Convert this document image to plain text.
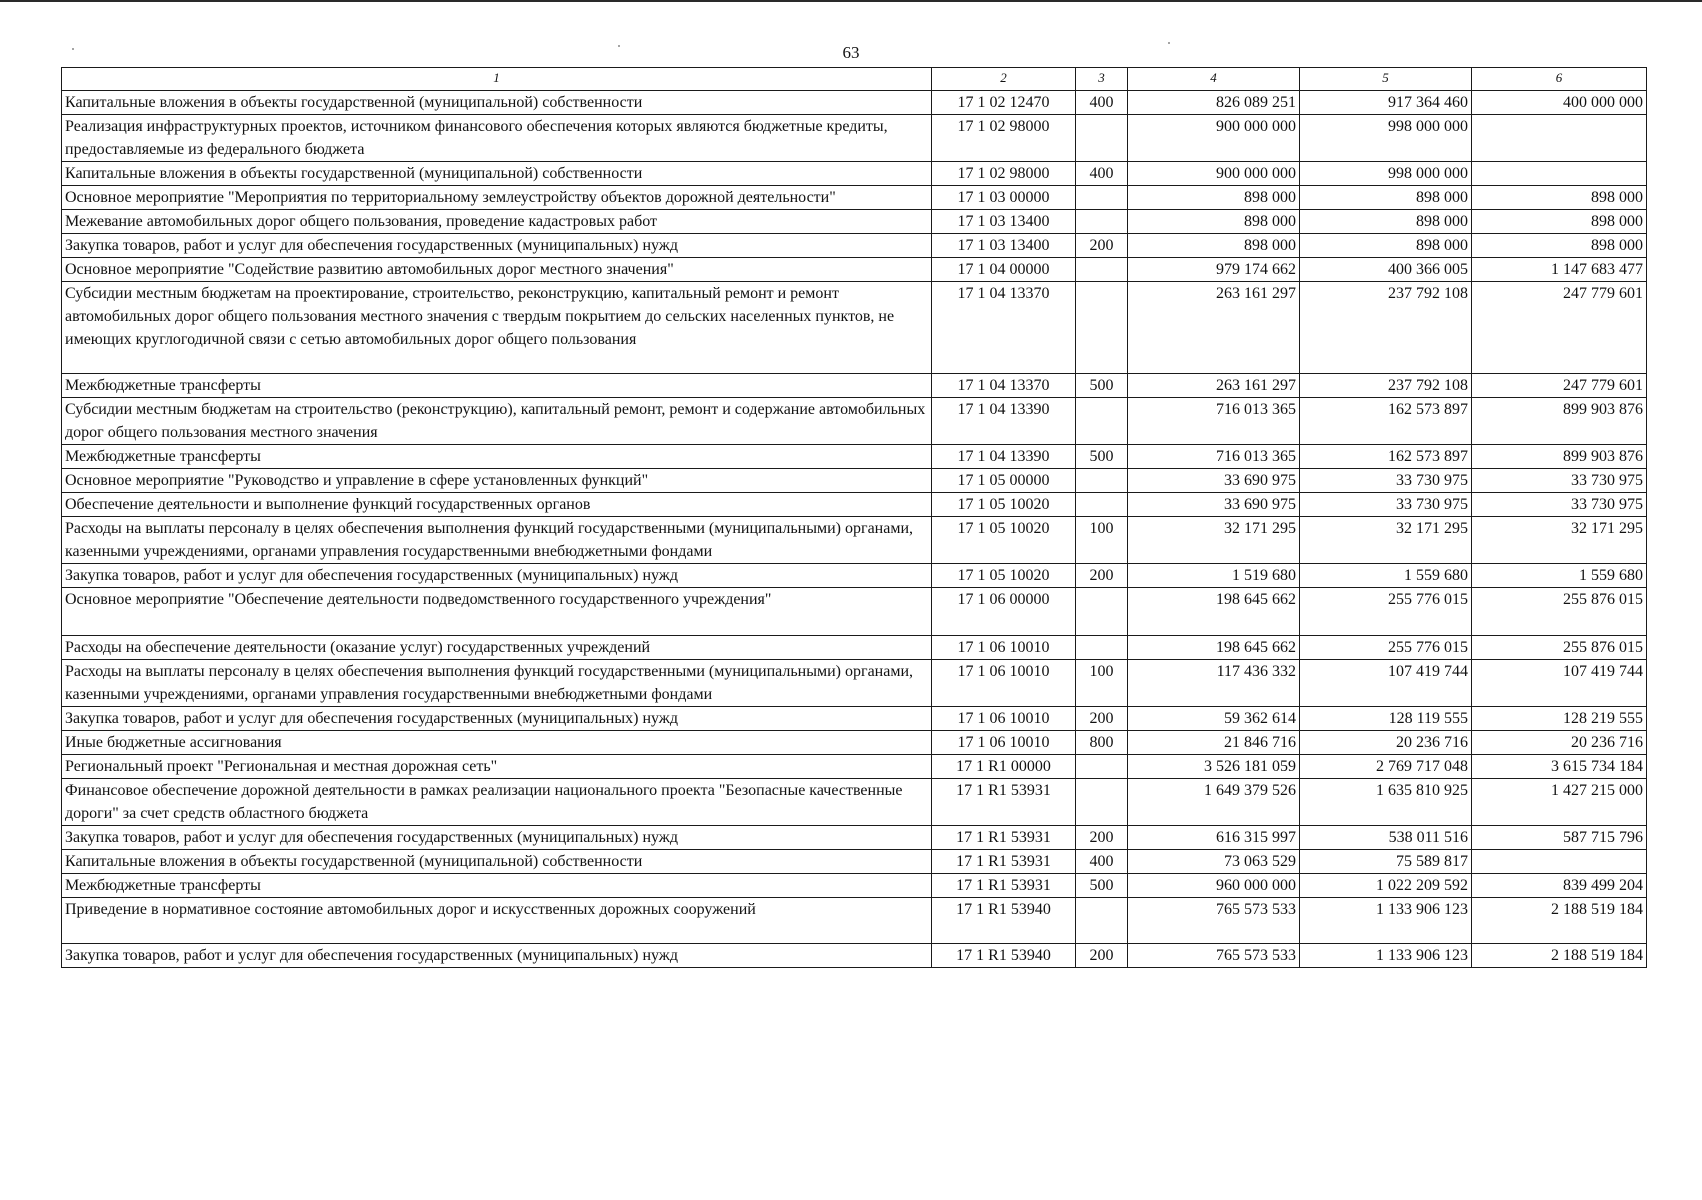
63
1	2	3	4	5	6
Капитальные вложения в объекты государственной (муниципальной) собственности	17 1 02 12470	400	826 089 251	917 364 460	400 000 000
Реализация инфраструктурных проектов, источником финансового обеспечения которых являются бюджетные кредиты, предоставляемые из федерального бюджета	17 1 02 98000		900 000 000	998 000 000	
Капитальные вложения в объекты государственной (муниципальной) собственности	17 1 02 98000	400	900 000 000	998 000 000	
Основное мероприятие "Мероприятия по территориальному землеустройству объектов дорожной деятельности"	17 1 03 00000		898 000	898 000	898 000
Межевание автомобильных дорог общего пользования, проведение кадастровых работ	17 1 03 13400		898 000	898 000	898 000
Закупка товаров, работ и услуг для обеспечения государственных (муниципальных) нужд	17 1 03 13400	200	898 000	898 000	898 000
Основное мероприятие "Содействие развитию автомобильных дорог местного значения"	17 1 04 00000		979 174 662	400 366 005	1 147 683 477
Субсидии местным бюджетам на проектирование, строительство, реконструкцию, капитальный ремонт и ремонт автомобильных дорог общего пользования местного значения с твердым покрытием до сельских населенных пунктов, не имеющих круглогодичной связи с сетью автомобильных дорог общего пользования	17 1 04 13370		263 161 297	237 792 108	247 779 601
Межбюджетные трансферты	17 1 04 13370	500	263 161 297	237 792 108	247 779 601
Субсидии местным бюджетам на строительство (реконструкцию), капитальный ремонт, ремонт и содержание автомобильных дорог общего пользования местного значения	17 1 04 13390		716 013 365	162 573 897	899 903 876
Межбюджетные трансферты	17 1 04 13390	500	716 013 365	162 573 897	899 903 876
Основное мероприятие "Руководство и управление в сфере установленных функций"	17 1 05 00000		33 690 975	33 730 975	33 730 975
Обеспечение деятельности и выполнение функций государственных органов	17 1 05 10020		33 690 975	33 730 975	33 730 975
Расходы на выплаты персоналу в целях обеспечения выполнения функций государственными (муниципальными) органами, казенными учреждениями, органами управления государственными внебюджетными фондами	17 1 05 10020	100	32 171 295	32 171 295	32 171 295
Закупка товаров, работ и услуг для обеспечения государственных (муниципальных) нужд	17 1 05 10020	200	1 519 680	1 559 680	1 559 680
Основное мероприятие "Обеспечение деятельности подведомственного государственного учреждения"	17 1 06 00000		198 645 662	255 776 015	255 876 015
Расходы на обеспечение деятельности (оказание услуг) государственных учреждений	17 1 06 10010		198 645 662	255 776 015	255 876 015
Расходы на выплаты персоналу в целях обеспечения выполнения функций государственными (муниципальными) органами, казенными учреждениями, органами управления государственными внебюджетными фондами	17 1 06 10010	100	117 436 332	107 419 744	107 419 744
Закупка товаров, работ и услуг для обеспечения государственных (муниципальных) нужд	17 1 06 10010	200	59 362 614	128 119 555	128 219 555
Иные бюджетные ассигнования	17 1 06 10010	800	21 846 716	20 236 716	20 236 716
Региональный проект "Региональная и местная дорожная сеть"	17 1 R1 00000		3 526 181 059	2 769 717 048	3 615 734 184
Финансовое обеспечение дорожной деятельности в рамках реализации национального проекта "Безопасные качественные дороги" за счет средств областного бюджета	17 1 R1 53931		1 649 379 526	1 635 810 925	1 427 215 000
Закупка товаров, работ и услуг для обеспечения государственных (муниципальных) нужд	17 1 R1 53931	200	616 315 997	538 011 516	587 715 796
Капитальные вложения в объекты государственной (муниципальной) собственности	17 1 R1 53931	400	73 063 529	75 589 817	
Межбюджетные трансферты	17 1 R1 53931	500	960 000 000	1 022 209 592	839 499 204
Приведение в нормативное состояние автомобильных дорог и искусственных дорожных сооружений	17 1 R1 53940		765 573 533	1 133 906 123	2 188 519 184
Закупка товаров, работ и услуг для обеспечения государственных (муниципальных) нужд	17 1 R1 53940	200	765 573 533	1 133 906 123	2 188 519 184
